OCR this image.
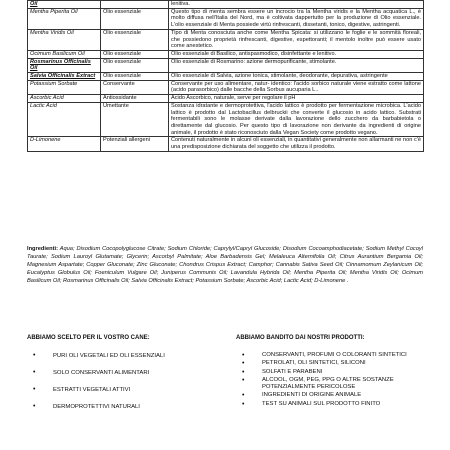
Oil		lenitiva.
Mentha Piperita Oil	Olio essenziale	Questo tipo di menta sembra essere un incrocio tra la Mentha viridis e la Mentha acquatica L., è molto diffusa nell'Italia del Nord, ma è coltivata dappertutto per la produzione di Olio essenziale. L'olio essenziale di Menta possiede virtù rinfrescanti, dissetanti, tonico, digestive, astringenti.
Mentha Viridis Oil	Olio essenziale	Tipo di Menta conosciuta anche come Mentha Spicata: si utilizzano le foglie e le sommità floreali, che possiedono proprietà rinfrescanti, digestive, espettoranti; il mentolo inoltre può essere usato come anestetico.
Ocimum Basilicum Oil	Olio essenziale	Olio essenziale di Basilico, antispasmodico, disinfettante e lenitivo.
Rosmarinus Officinalis Oil	Olio essenziale	Olio essenziale di Rosmarino: azione dermopurificante, stimolante.
Salvia Officinalis Extract	Olio essenziale	Olio essenziale di Salvia, azione tonica, stimolante, deodorante, depurativa, astringente
Potassium Sorbate	Conservante	Conservante per uso alimentare, natur- identico: l'acido sorbico naturale viene estratto come lattone (acido parasorbico) dalle bacche della Sorbus aucuparia L..
Ascorbic Acid	Antiossidante	Acido Ascorbico, naturale, serve per regolare il pH
Lactic Acid	Umettante	Sostanza idratante e dermoprotettiva, l'acido lattico è prodotto per fermentazione microbica. L'acido lattico è prodotto dal Lactobacillus delbruckii che converte il glucosio in acido lattico. Substrati fermentabili sono le molasse derivate dalla lavorazione dello zucchero da barbabietola o direttamente dal glucosio. Per questo tipo di lavorazione non derivante da ingredienti di origine animale, il prodotto è stato riconosciuto dalla Vegan Society come prodotto vegano.
D-Limonene	Potenziali allergeni	Contenuti naturalmente in alcuni oli essenziali, in quantitativi generalmente non allarmanti ne non c'è una predisposizione dichiarata del soggetto che utilizza il prodotto.

Ingredienti: Aqua; Disodium Cocopolyglucose Citrate; Sodium Chloride; Caprylyl/Capryl Glucoside; Disodium Cocoamphodiacetate; Sodium Methyl Cocoyl Taurate; Sodium Lauroyl Glutamate; Glycerin; Ascorbyl Palmitate; Aloe Barbadensis Gel; Melaleuca Alternifolia Oil; Citrus Aurantium Bergamia Oil; Magnesium Aspartate; Copper Gluconate; Zinc Gluconate; Chondrus Crispus Extract; Camphor; Cannabis Sativa Seed Oil; Cinnamomum Zeylanicum Oil; Eucalyptus Globulus Oil; Foeniculum Vulgare Oil; Juniperus Communis Oil; Lavandula Hybrida Oil; Mentha Piperita Oil; Mentha Viridis Oil; Ocimum Basilicum Oil; Rosmarinus Officinalis Oil; Salvia Officinalis Extract; Potassium Sorbate; Ascorbic Acid; Lactic Acid; D-Limonene .

ABBIAMO SCELTO PER IL VOSTRO CANE:

• PURI OLI VEGETALI ED OLI ESSENZIALI
• SOLO CONSERVANTI ALIMENTARI
• ESTRATTI VEGETALI ATTIVI
• DERMOPROTETTIVI NATURALI

ABBIAMO BANDITO DAI NOSTRI PRODOTTI:

• CONSERVANTI, PROFUMI O COLORANTI SINTETICI
• PETROLATI, OLI SINTETICI, SILICONI
• SOLFATI E PARABENI
• ALCOOL, OGM, PEG, PPG O ALTRE SOSTANZE POTENZIALMENTE PERICOLOSE
• INGREDIENTI DI ORIGINE ANIMALE
• TEST SU ANIMALI SUL PRODOTTO FINITO
